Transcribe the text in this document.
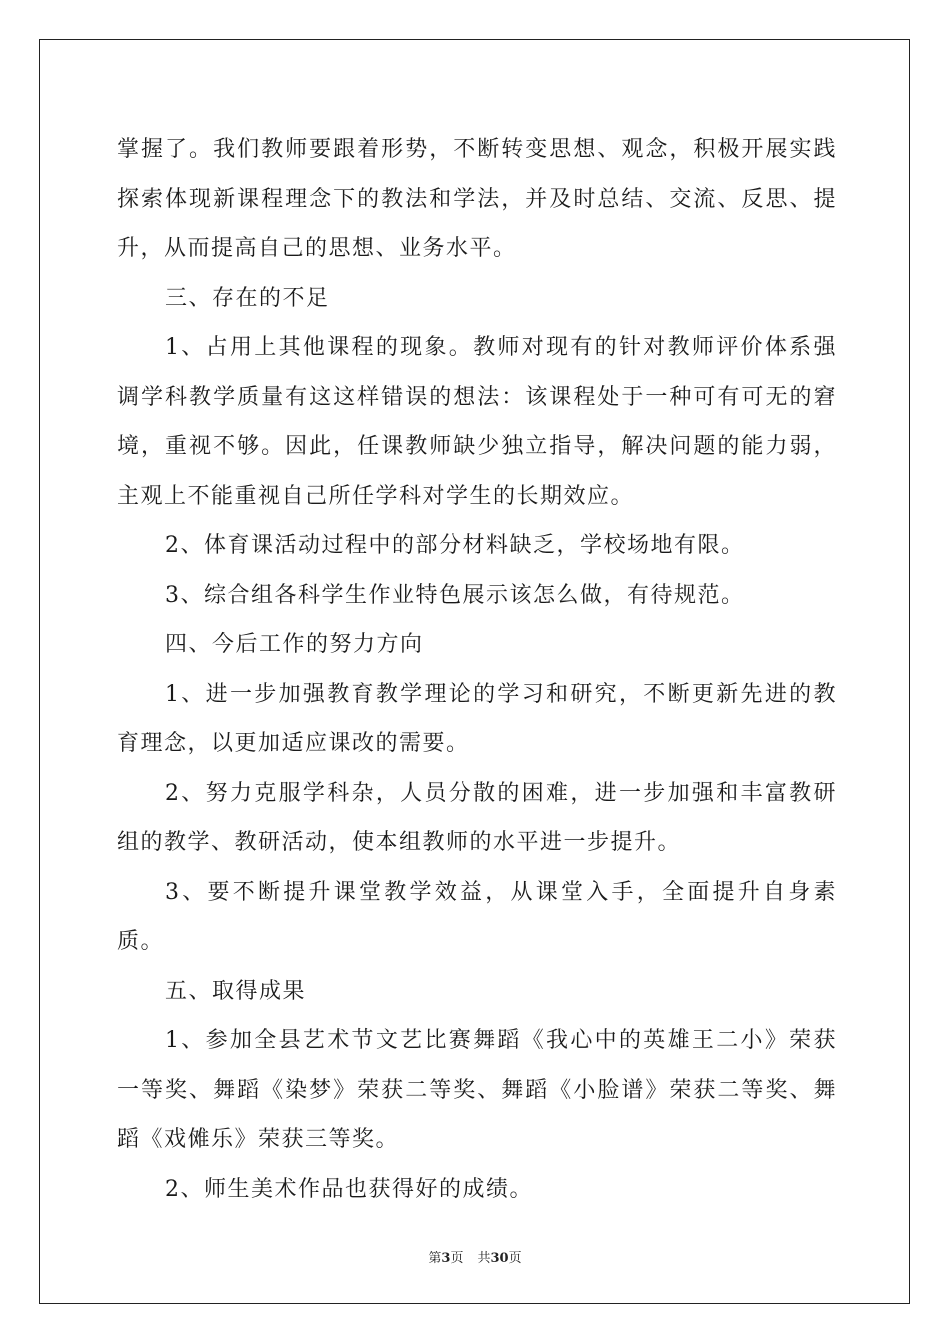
掌握了。我们教师要跟着形势，不断转变思想、观念，积极开展实践探索体现新课程理念下的教法和学法，并及时总结、交流、反思、提升，从而提高自己的思想、业务水平。

三、存在的不足

1、占用上其他课程的现象。教师对现有的针对教师评价体系强调学科教学质量有这这样错误的想法：该课程处于一种可有可无的窘境，重视不够。因此，任课教师缺少独立指导，解决问题的能力弱，主观上不能重视自己所任学科对学生的长期效应。

2、体育课活动过程中的部分材料缺乏，学校场地有限。

3、综合组各科学生作业特色展示该怎么做，有待规范。

四、今后工作的努力方向

1、进一步加强教育教学理论的学习和研究，不断更新先进的教育理念，以更加适应课改的需要。

2、努力克服学科杂，人员分散的困难，进一步加强和丰富教研组的教学、教研活动，使本组教师的水平进一步提升。

3、要不断提升课堂教学效益，从课堂入手，全面提升自身素质。

五、取得成果

1、参加全县艺术节文艺比赛舞蹈《我心中的英雄王二小》荣获一等奖、舞蹈《染梦》荣获二等奖、舞蹈《小脸谱》荣获二等奖、舞蹈《戏傩乐》荣获三等奖。

2、师生美术作品也获得好的成绩。

第3页 共30页
